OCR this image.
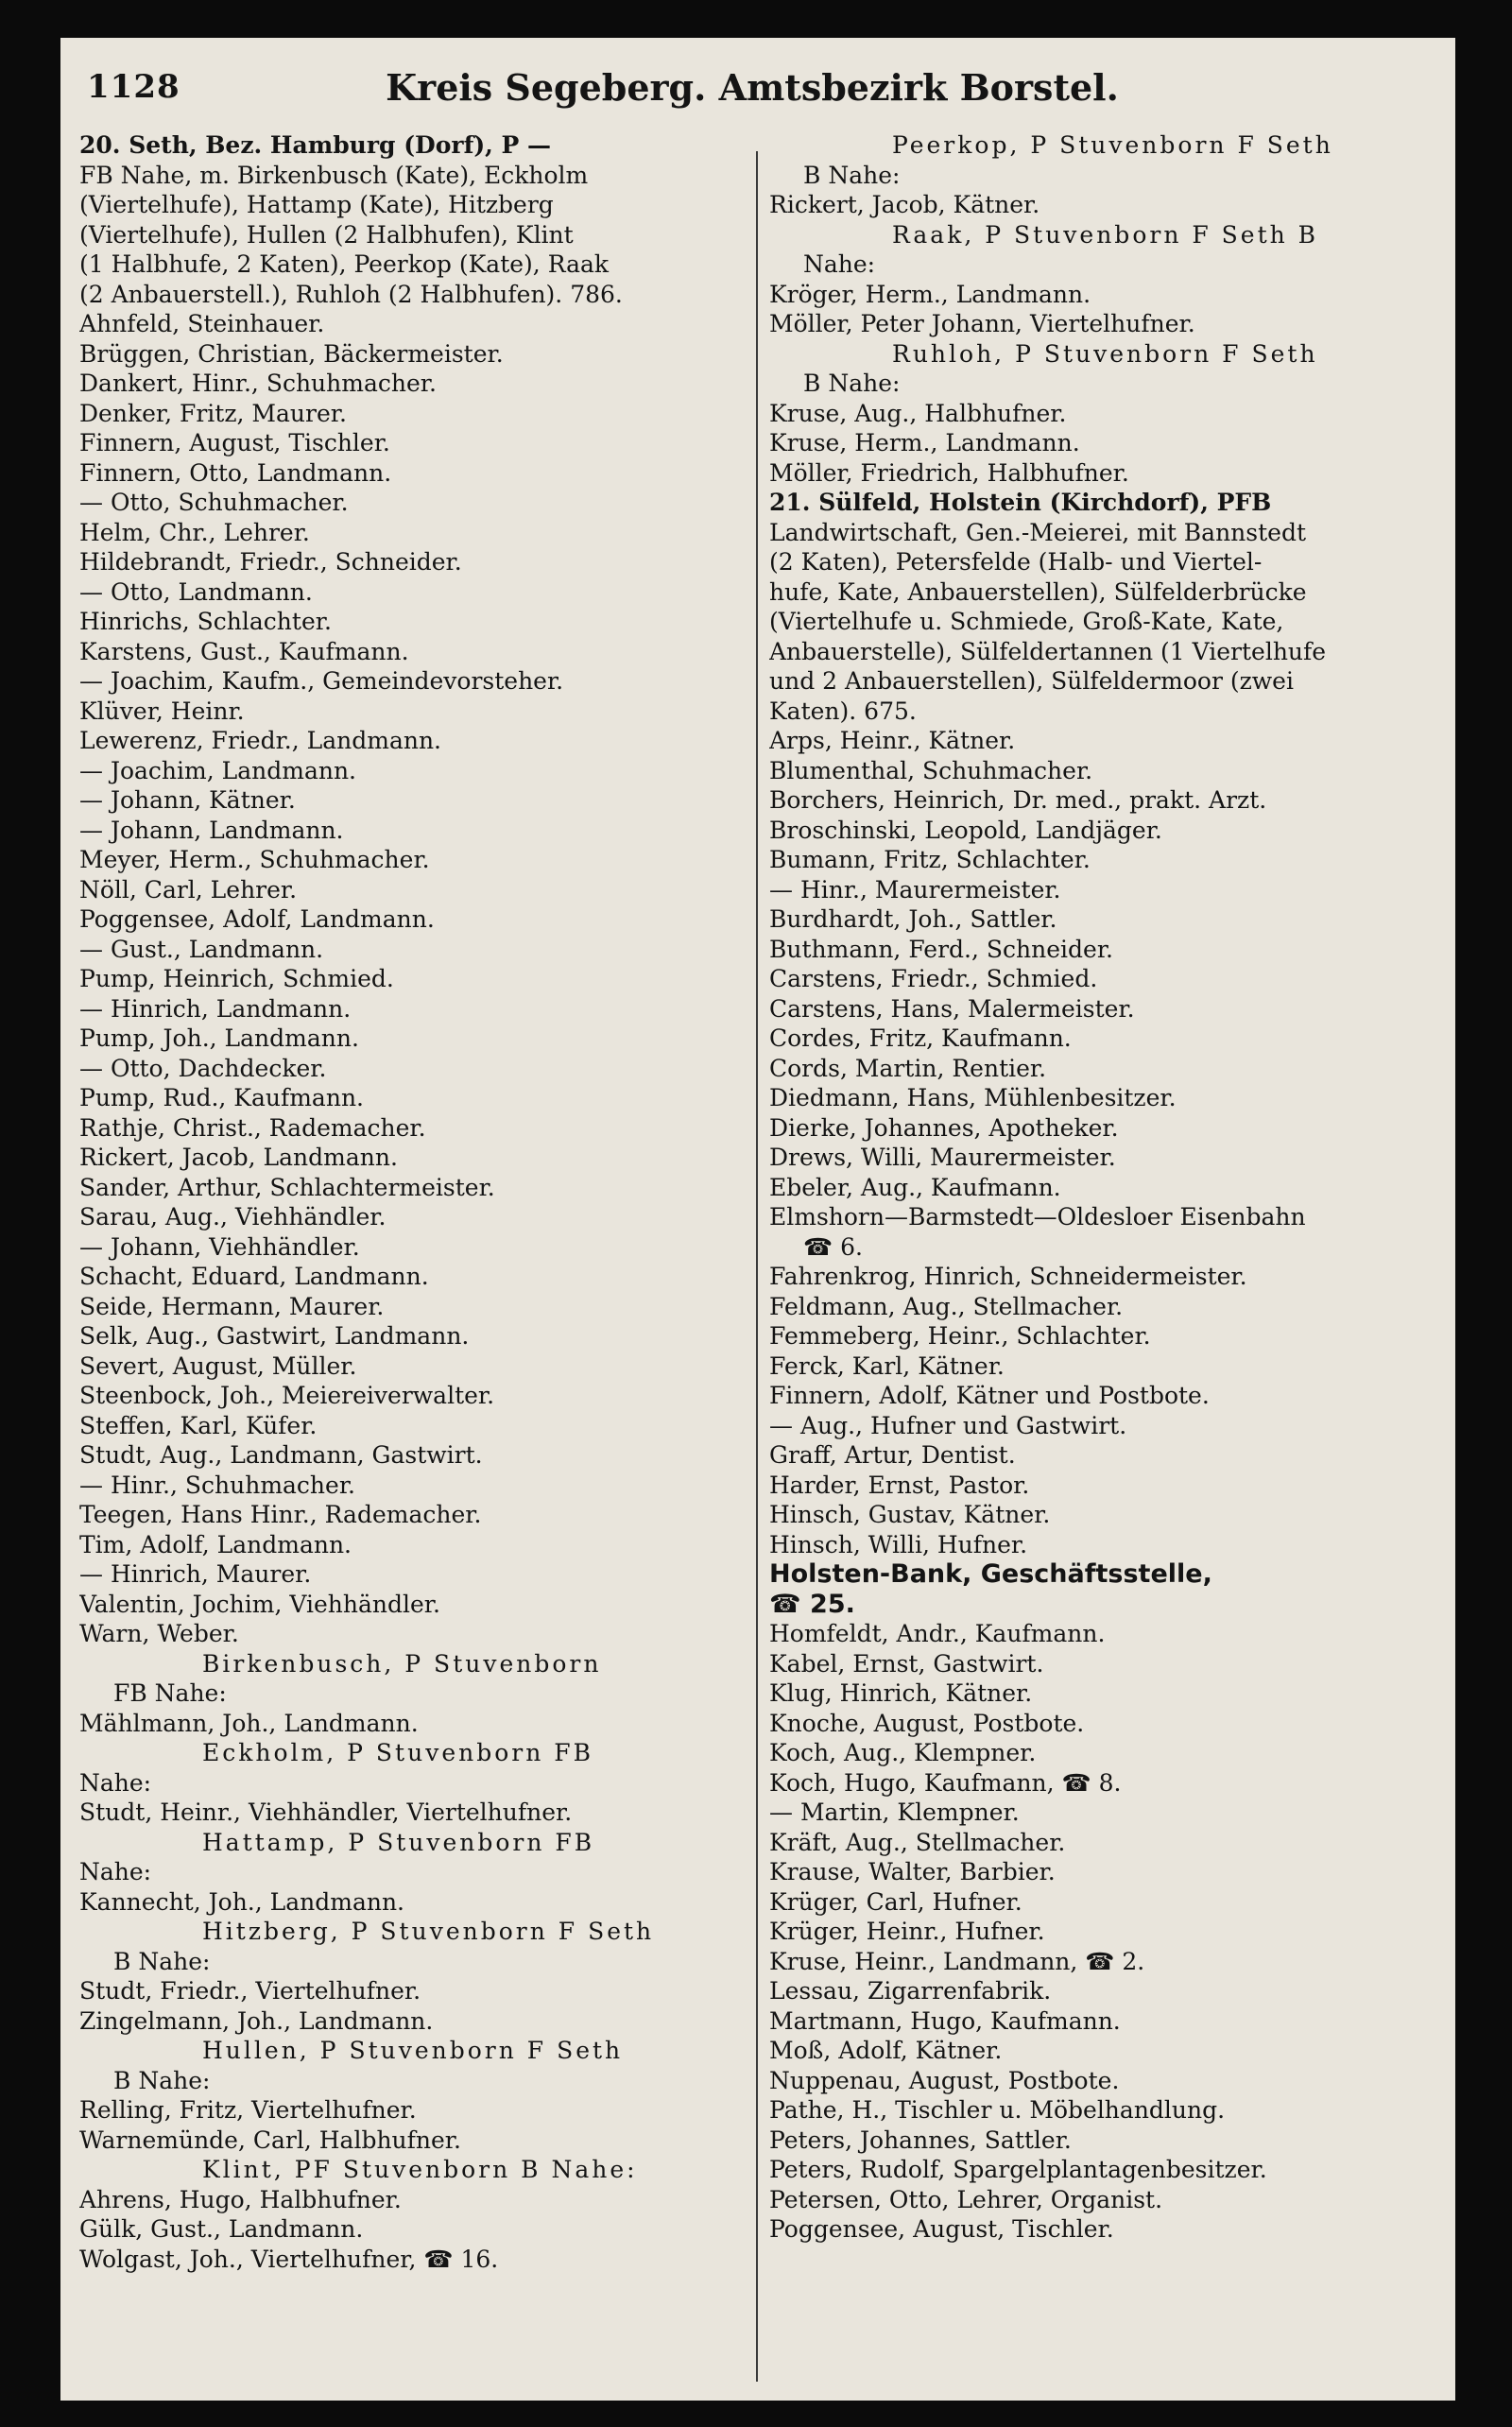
1128	Kreis Segeberg. Amtsbezirk Borstel.
20. Seth, Bez. Hamburg (Dorf), P —
FB Nahe, m. Birkenbusch (Kate), Eckholm
(Viertelhufe), Hattamp (Kate), Hitzberg
(Viertelhufe), Hullen (2 Halbhufen), Klint
(1 Halbhufe, 2 Katen), Peerkop (Kate), Raak
(2 Anbauerstell.), Ruhloh (2 Halbhufen). 786.
Ahnfeld, Steinhauer.
Brüggen, Christian, Bäckermeister.
Dankert, Hinr., Schuhmacher.
Denker, Fritz, Maurer.
Finnern, August, Tischler.
Finnern, Otto, Landmann.
— Otto, Schuhmacher.
Helm, Chr., Lehrer.
Hildebrandt, Friedr., Schneider.
— Otto, Landmann.
Hinrichs, Schlachter.
Karstens, Gust., Kaufmann.
— Joachim, Kaufm., Gemeindevorsteher.
Klüver, Heinr.
Lewerenz, Friedr., Landmann.
— Joachim, Landmann.
— Johann, Kätner.
— Johann, Landmann.
Meyer, Herm., Schuhmacher.
Nöll, Carl, Lehrer.
Poggensee, Adolf, Landmann.
— Gust., Landmann.
Pump, Heinrich, Schmied.
— Hinrich, Landmann.
Pump, Joh., Landmann.
— Otto, Dachdecker.
Pump, Rud., Kaufmann.
Rathje, Christ., Rademacher.
Rickert, Jacob, Landmann.
Sander, Arthur, Schlachtermeister.
Sarau, Aug., Viehhändler.
— Johann, Viehhändler.
Schacht, Eduard, Landmann.
Seide, Hermann, Maurer.
Selk, Aug., Gastwirt, Landmann.
Severt, August, Müller.
Steenbock, Joh., Meiereiverwalter.
Steffen, Karl, Küfer.
Studt, Aug., Landmann, Gastwirt.
— Hinr., Schuhmacher.
Teegen, Hans Hinr., Rademacher.
Tim, Adolf, Landmann.
— Hinrich, Maurer.
Valentin, Jochim, Viehhändler.
Warn, Weber.
Birkenbusch, P Stuvenborn
FB Nahe:
Mählmann, Joh., Landmann.
Eckholm, P Stuvenborn FB
Nahe:
Studt, Heinr., Viehhändler, Viertelhufner.
Hattamp, P Stuvenborn FB
Nahe:
Kannecht, Joh., Landmann.
Hitzberg, P Stuvenborn F Seth
B Nahe:
Studt, Friedr., Viertelhufner.
Zingelmann, Joh., Landmann.
Hullen, P Stuvenborn F Seth
B Nahe:
Relling, Fritz, Viertelhufner.
Warnemünde, Carl, Halbhufner.
Klint, PF Stuvenborn B Nahe:
Ahrens, Hugo, Halbhufner.
Gülk, Gust., Landmann.
Wolgast, Joh., Viertelhufner, ☎ 16.
Peerkop, P Stuvenborn F Seth
B Nahe:
Rickert, Jacob, Kätner.
Raak, P Stuvenborn F Seth B
Nahe:
Kröger, Herm., Landmann.
Möller, Peter Johann, Viertelhufner.
Ruhloh, P Stuvenborn F Seth
B Nahe:
Kruse, Aug., Halbhufner.
Kruse, Herm., Landmann.
Möller, Friedrich, Halbhufner.
21. Sülfeld, Holstein (Kirchdorf), PFB
Landwirtschaft, Gen.-Meierei, mit Bannstedt
(2 Katen), Petersfelde (Halb- und Viertel-
hufe, Kate, Anbauerstellen), Sülfelderbrücke
(Viertelhufe u. Schmiede, Groß-Kate, Kate,
Anbauerstelle), Sülfeldertannen (1 Viertelhufe
und 2 Anbauerstellen), Sülfeldermoor (zwei
Katen). 675.
Arps, Heinr., Kätner.
Blumenthal, Schuhmacher.
Borchers, Heinrich, Dr. med., prakt. Arzt.
Broschinski, Leopold, Landjäger.
Bumann, Fritz, Schlachter.
— Hinr., Maurermeister.
Burdhardt, Joh., Sattler.
Buthmann, Ferd., Schneider.
Carstens, Friedr., Schmied.
Carstens, Hans, Malermeister.
Cordes, Fritz, Kaufmann.
Cords, Martin, Rentier.
Diedmann, Hans, Mühlenbesitzer.
Dierke, Johannes, Apotheker.
Drews, Willi, Maurermeister.
Ebeler, Aug., Kaufmann.
Elmshorn—Barmstedt—Oldesloer Eisenbahn
☎ 6.
Fahrenkrog, Hinrich, Schneidermeister.
Feldmann, Aug., Stellmacher.
Femmeberg, Heinr., Schlachter.
Ferck, Karl, Kätner.
Finnern, Adolf, Kätner und Postbote.
— Aug., Hufner und Gastwirt.
Graff, Artur, Dentist.
Harder, Ernst, Pastor.
Hinsch, Gustav, Kätner.
Hinsch, Willi, Hufner.
Holsten-Bank, Geschäftsstelle,
☎ 25.
Homfeldt, Andr., Kaufmann.
Kabel, Ernst, Gastwirt.
Klug, Hinrich, Kätner.
Knoche, August, Postbote.
Koch, Aug., Klempner.
Koch, Hugo, Kaufmann, ☎ 8.
— Martin, Klempner.
Kräft, Aug., Stellmacher.
Krause, Walter, Barbier.
Krüger, Carl, Hufner.
Krüger, Heinr., Hufner.
Kruse, Heinr., Landmann, ☎ 2.
Lessau, Zigarrenfabrik.
Martmann, Hugo, Kaufmann.
Moß, Adolf, Kätner.
Nuppenau, August, Postbote.
Pathe, H., Tischler u. Möbelhandlung.
Peters, Johannes, Sattler.
Peters, Rudolf, Spargelplantagenbesitzer.
Petersen, Otto, Lehrer, Organist.
Poggensee, August, Tischler.
